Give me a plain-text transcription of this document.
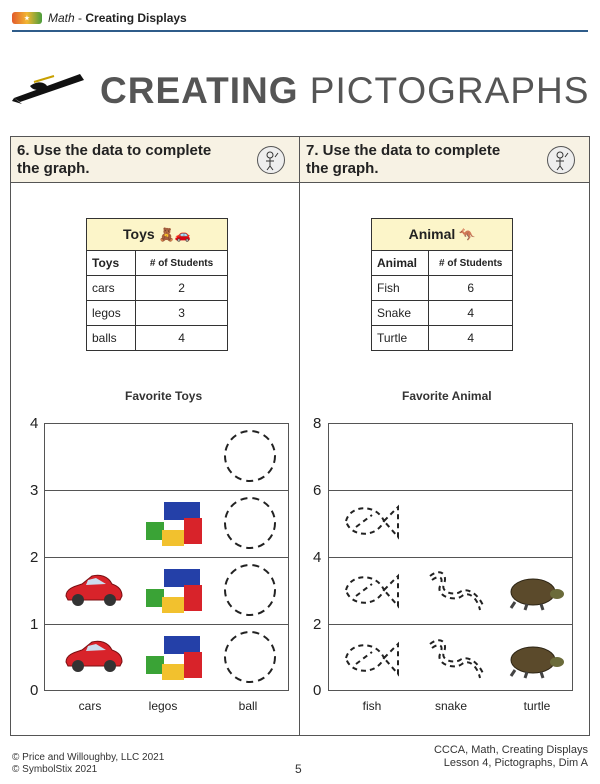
★ Math - Creating Displays
CREATING PICTOGRAPHS
6. Use the data to complete the graph.
7. Use the data to complete the graph.
Toys 🧸🚗	
Toys	# of Students
cars	2
legos	3
balls	4
Animal 🦘	
Animal	# of Students
Fish	6
Snake	4
Turtle	4
Favorite Toys	Favorite Animal
4
3
2
1
0
cars	legos	ball
8
6
4
2
0
fish	snake	turtle
© Price and Willoughby, LLC 2021
© SymbolStix 2021	5
CCCA, Math, Creating Displays
Lesson 4, Pictographs, Dim A
